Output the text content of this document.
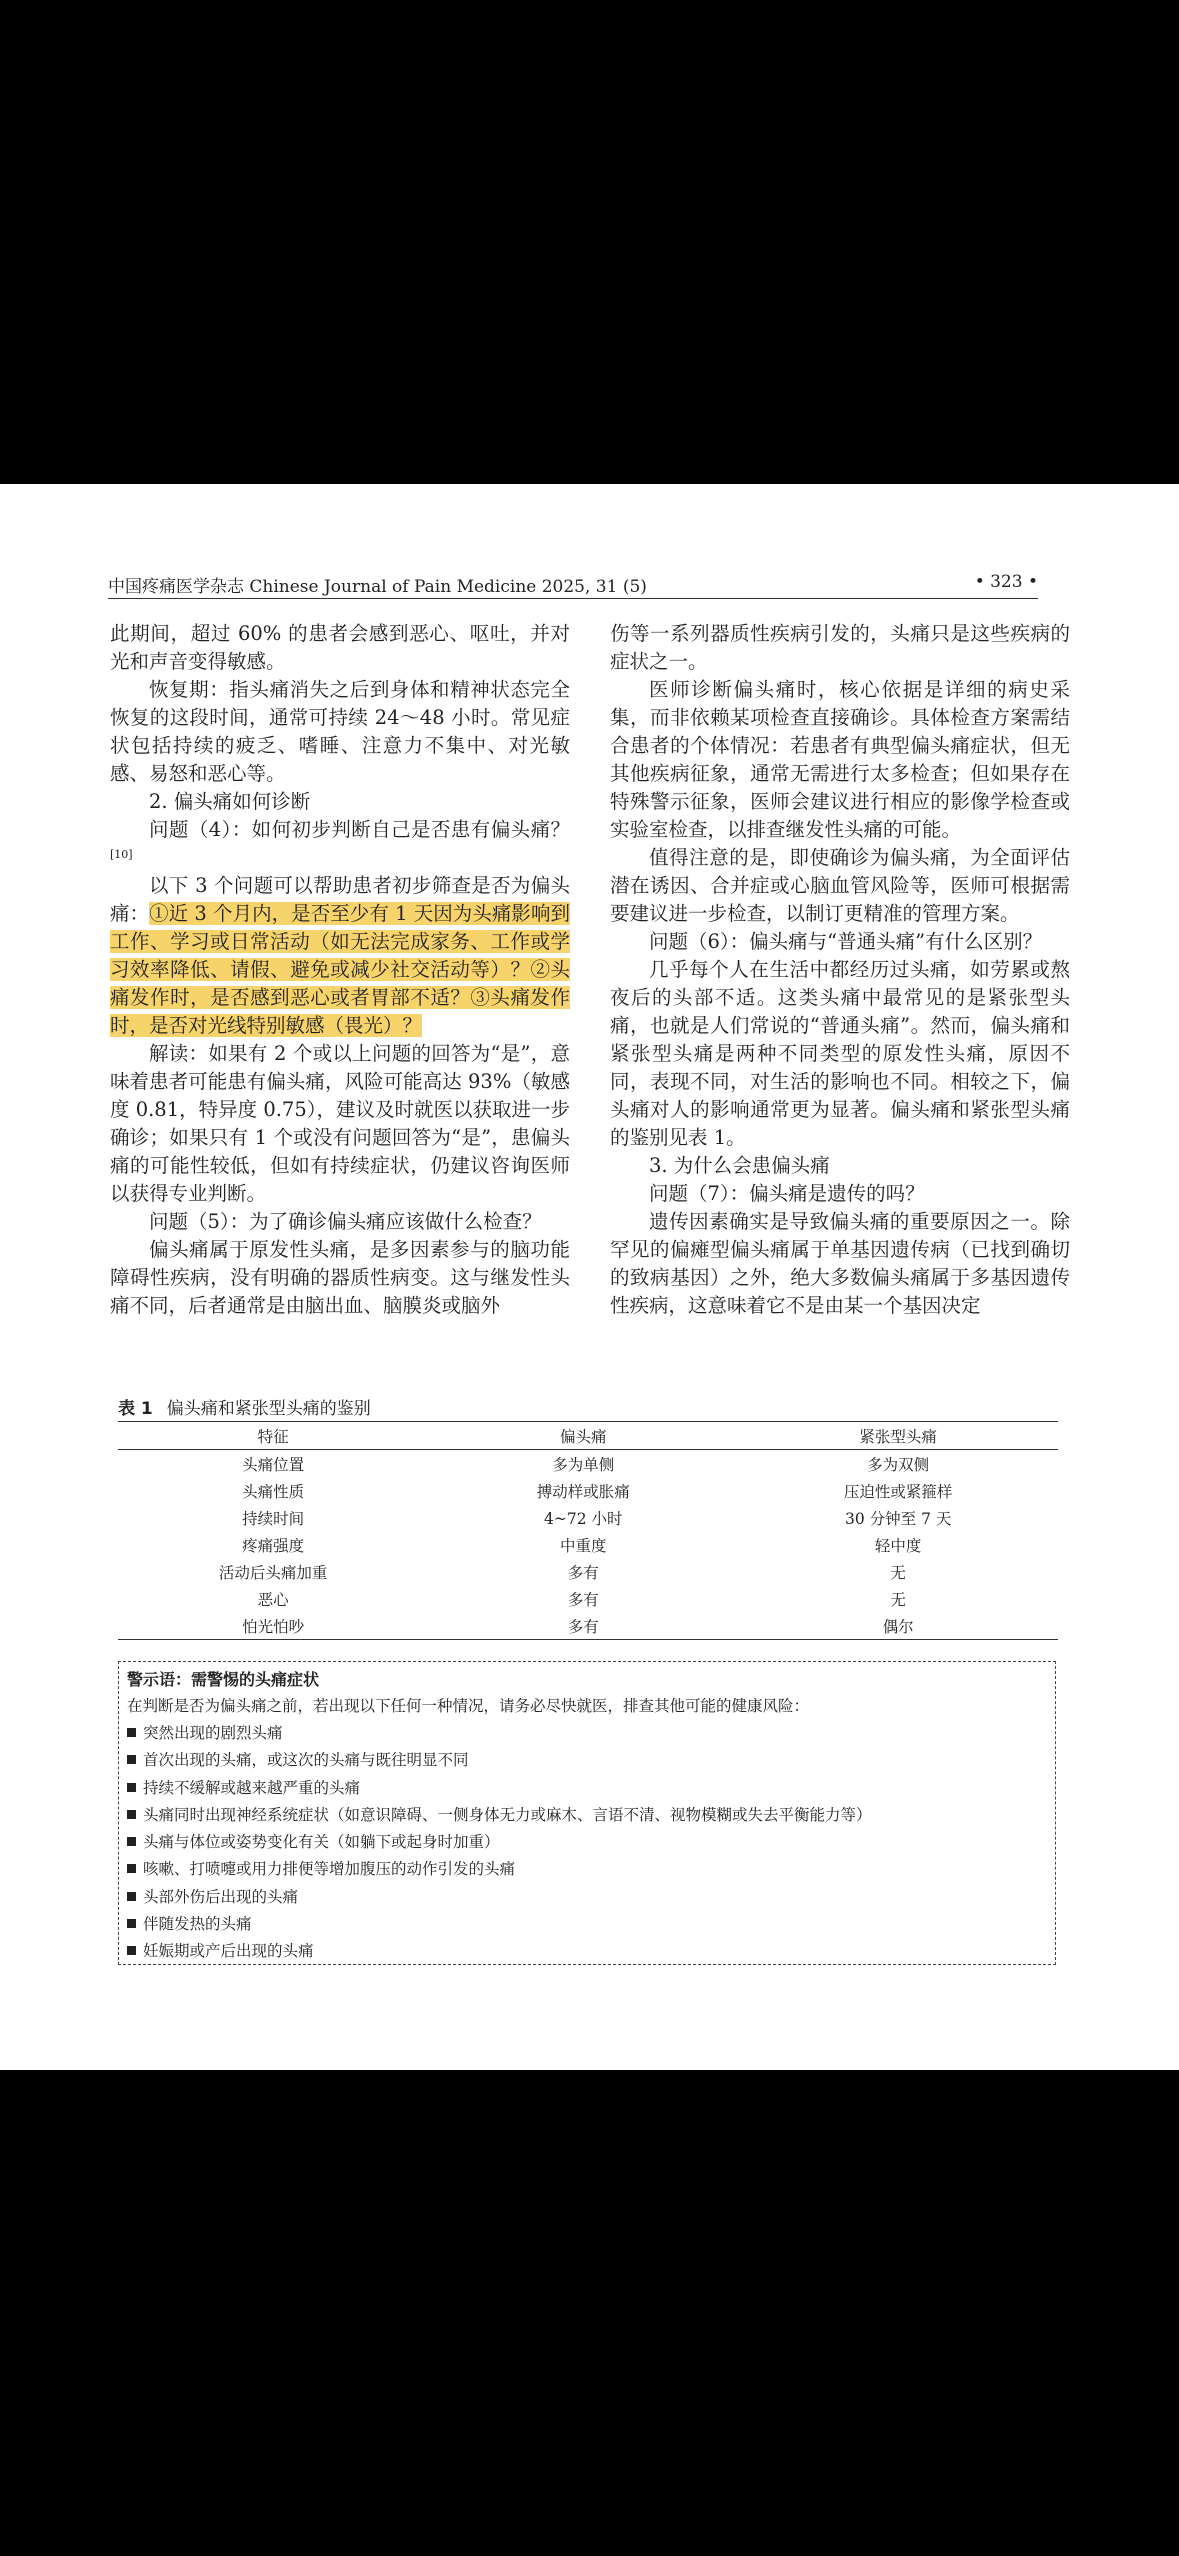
中国疼痛医学杂志 Chinese Journal of Pain Medicine 2025, 31 (5)	• 323 •

此期间，超过 60% 的患者会感到恶心、呕吐，并对光和声音变得敏感。

恢复期：指头痛消失之后到身体和精神状态完全恢复的这段时间，通常可持续 24～48 小时。常见症状包括持续的疲乏、嗜睡、注意力不集中、对光敏感、易怒和恶心等。

2. 偏头痛如何诊断

问题（4）：如何初步判断自己是否患有偏头痛？[10]

以下 3 个问题可以帮助患者初步筛查是否为偏头痛：①近 3 个月内，是否至少有 1 天因为头痛影响到工作、学习或日常活动（如无法完成家务、工作或学习效率降低、请假、避免或减少社交活动等）？②头痛发作时，是否感到恶心或者胃部不适？③头痛发作时，是否对光线特别敏感（畏光）？

解读：如果有 2 个或以上问题的回答为“是”，意味着患者可能患有偏头痛，风险可能高达 93%（敏感度 0.81，特异度 0.75），建议及时就医以获取进一步确诊；如果只有 1 个或没有问题回答为“是”，患偏头痛的可能性较低，但如有持续症状，仍建议咨询医师以获得专业判断。

问题（5）：为了确诊偏头痛应该做什么检查？

偏头痛属于原发性头痛，是多因素参与的脑功能障碍性疾病，没有明确的器质性病变。这与继发性头痛不同，后者通常是由脑出血、脑膜炎或脑外

伤等一系列器质性疾病引发的，头痛只是这些疾病的症状之一。

医师诊断偏头痛时，核心依据是详细的病史采集，而非依赖某项检查直接确诊。具体检查方案需结合患者的个体情况：若患者有典型偏头痛症状，但无其他疾病征象，通常无需进行太多检查；但如果存在特殊警示征象，医师会建议进行相应的影像学检查或实验室检查，以排查继发性头痛的可能。

值得注意的是，即使确诊为偏头痛，为全面评估潜在诱因、合并症或心脑血管风险等，医师可根据需要建议进一步检查，以制订更精准的管理方案。

问题（6）：偏头痛与“普通头痛”有什么区别？

几乎每个人在生活中都经历过头痛，如劳累或熬夜后的头部不适。这类头痛中最常见的是紧张型头痛，也就是人们常说的“普通头痛”。然而，偏头痛和紧张型头痛是两种不同类型的原发性头痛，原因不同，表现不同，对生活的影响也不同。相较之下，偏头痛对人的影响通常更为显著。偏头痛和紧张型头痛的鉴别见表 1。

3. 为什么会患偏头痛

问题（7）：偏头痛是遗传的吗？

遗传因素确实是导致偏头痛的重要原因之一。除罕见的偏瘫型偏头痛属于单基因遗传病（已找到确切的致病基因）之外，绝大多数偏头痛属于多基因遗传性疾病，这意味着它不是由某一个基因决定

表 1 偏头痛和紧张型头痛的鉴别
特征	偏头痛	紧张型头痛
头痛位置	多为单侧	多为双侧
头痛性质	搏动样或胀痛	压迫性或紧箍样
持续时间	4~72 小时	30 分钟至 7 天
疼痛强度	中重度	轻中度
活动后头痛加重	多有	无
恶心	多有	无
怕光怕吵	多有	偶尔
警示语：需警惕的头痛症状
在判断是否为偏头痛之前，若出现以下任何一种情况，请务必尽快就医，排查其他可能的健康风险：
突然出现的剧烈头痛
首次出现的头痛，或这次的头痛与既往明显不同
持续不缓解或越来越严重的头痛
头痛同时出现神经系统症状（如意识障碍、一侧身体无力或麻木、言语不清、视物模糊或失去平衡能力等）
头痛与体位或姿势变化有关（如躺下或起身时加重）
咳嗽、打喷嚏或用力排便等增加腹压的动作引发的头痛
头部外伤后出现的头痛
伴随发热的头痛
妊娠期或产后出现的头痛
